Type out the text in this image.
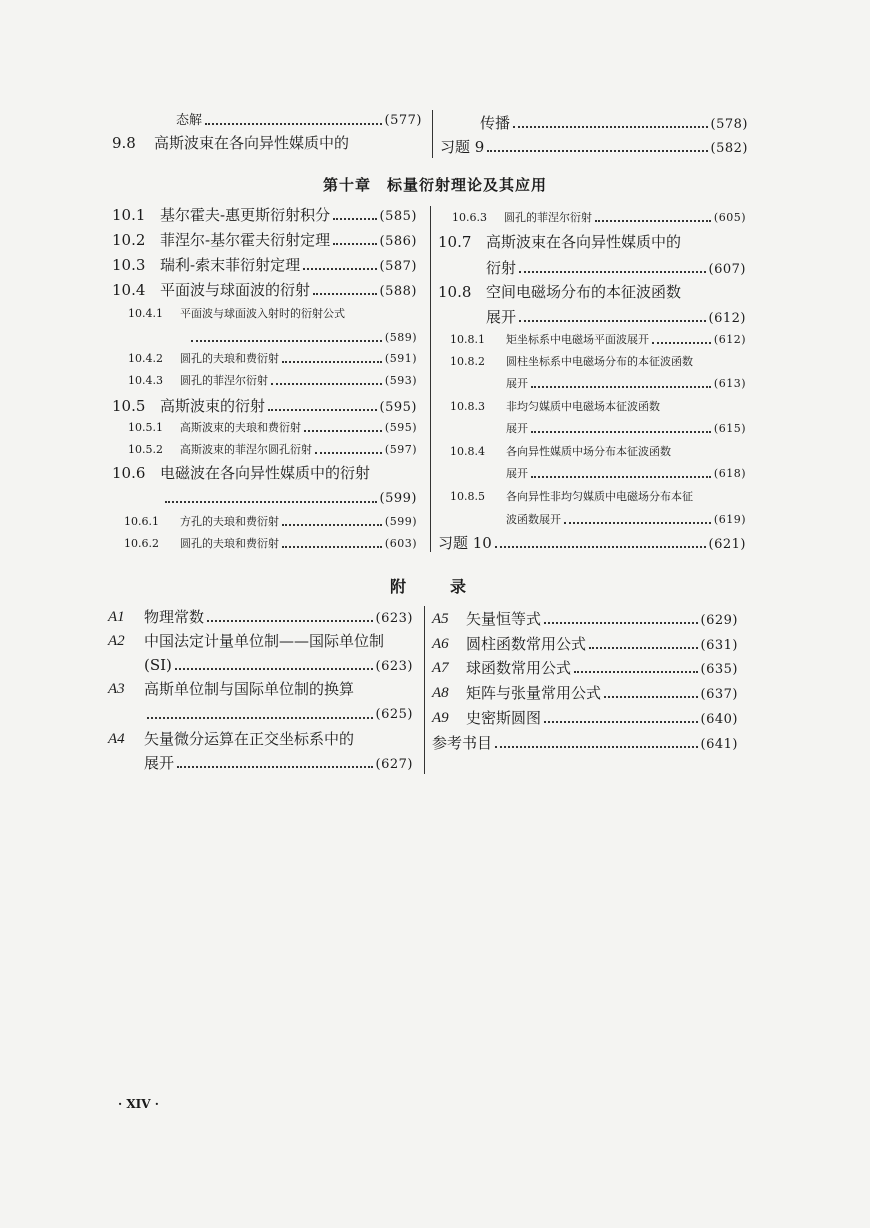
态解	(577)
9.8	高斯波束在各向异性媒质中的
传播	(578)
习题 9	(582)
第十章　标量衍射理论及其应用
10.1 基尔霍夫-惠更斯衍射积分	(585)
10.2 菲涅尔-基尔霍夫衍射定理	(586)
10.3 瑞利-索末菲衍射定理	(587)
10.4 平面波与球面波的衍射	(588)
10.4.1	平面波与球面波入射时的衍射公式
(589)
10.4.2	圆孔的夫琅和费衍射	(591)
10.4.3	圆孔的菲涅尔衍射	(593)
10.5 高斯波束的衍射	(595)
10.5.1	高斯波束的夫琅和费衍射	(595)
10.5.2	高斯波束的菲涅尔圆孔衍射	(597)
10.6 电磁波在各向异性媒质中的衍射
(599)
10.6.1	方孔的夫琅和费衍射	(599)
10.6.2	圆孔的夫琅和费衍射	(603)
10.6.3	圆孔的菲涅尔衍射	(605)
10.7 高斯波束在各向异性媒质中的
衍射	(607)
10.8 空间电磁场分布的本征波函数
展开	(612)
10.8.1	矩坐标系中电磁场平面波展开	(612)
10.8.2	圆柱坐标系中电磁场分布的本征波函数
展开	(613)
10.8.3	非均匀媒质中电磁场本征波函数
展开	(615)
10.8.4	各向异性媒质中场分布本征波函数
展开	(618)
10.8.5	各向异性非均匀媒质中电磁场分布本征
波函数展开	(619)
习题 10	(621)
附　录
A1	物理常数	(623)
A2	中国法定计量单位制——国际单位制
(SI)	(623)
A3	高斯单位制与国际单位制的换算
(625)
A4	矢量微分运算在正交坐标系中的
展开	(627)
A5	矢量恒等式	(629)
A6	圆柱函数常用公式	(631)
A7	球函数常用公式	(635)
A8	矩阵与张量常用公式	(637)
A9	史密斯圆图	(640)
参考书目	(641)
· XIV ·
